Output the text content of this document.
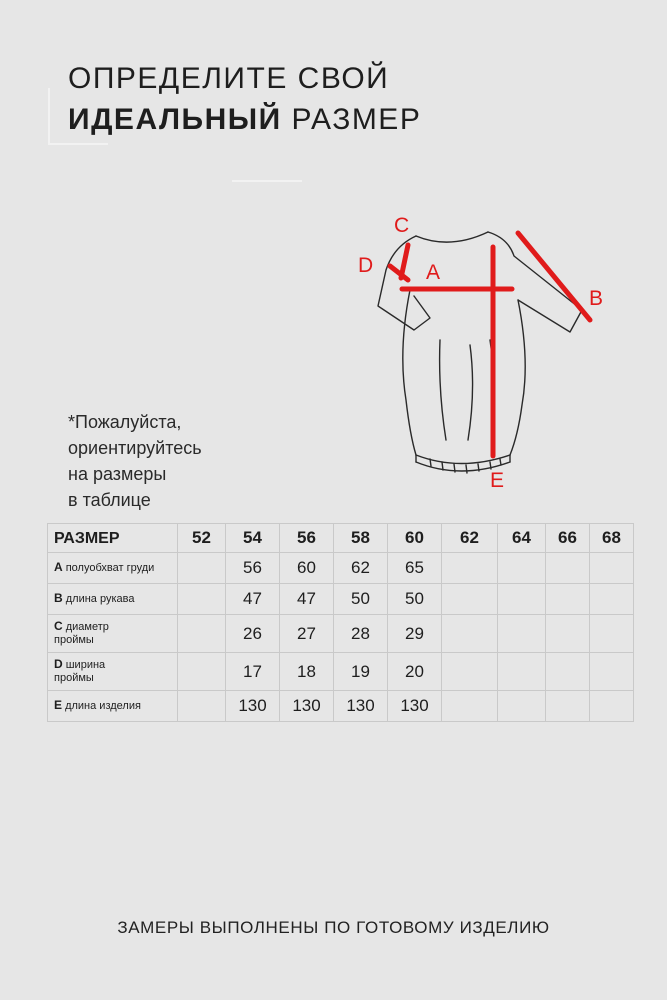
ОПРЕДЕЛИТЕ СВОЙ
ИДЕАЛЬНЫЙ РАЗМЕР
C
D	A
B
E
*Пожалуйста,
ориентируйтесь
на размеры
в таблице
РАЗМЕР	52	54	56	58	60	62	64	66	68
A полуобхват груди		56	60	62	65				
B длина рукава		47	47	50	50				
C диаметр
проймы		26	27	28	29				
D ширина
проймы		17	18	19	20				
E длина изделия		130	130	130	130				
ЗАМЕРЫ ВЫПОЛНЕНЫ ПО ГОТОВОМУ ИЗДЕЛИЮ
